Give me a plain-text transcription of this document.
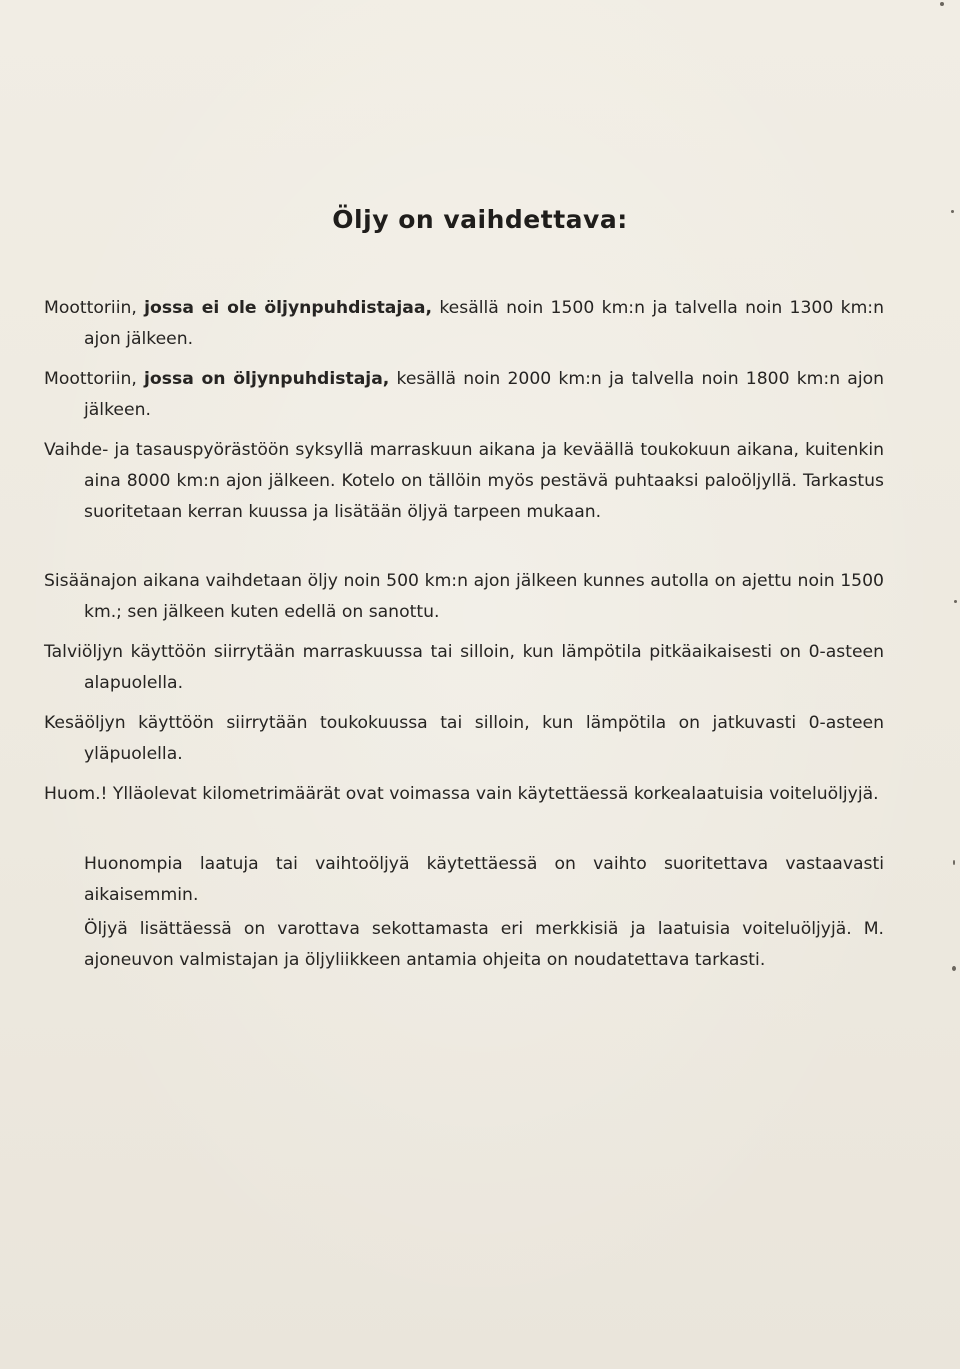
Öljy on vaihdettava:

Moottoriin, jossa ei ole öljynpuhdistajaa, kesällä noin 1500 km:n ja talvella noin 1300 km:n ajon jälkeen.

Moottoriin, jossa on öljynpuhdistaja, kesällä noin 2000 km:n ja talvella noin 1800 km:n ajon jälkeen.

Vaihde- ja tasauspyörästöön syksyllä marraskuun aikana ja keväällä toukokuun aikana, kuitenkin aina 8000 km:n ajon jälkeen. Kotelo on tällöin myös pestävä puhtaaksi paloöljyllä. Tarkastus suoritetaan kerran kuussa ja lisätään öljyä tarpeen mukaan.

Sisäänajon aikana vaihdetaan öljy noin 500 km:n ajon jälkeen kunnes autolla on ajettu noin 1500 km.; sen jälkeen kuten edellä on sanottu.

Talviöljyn käyttöön siirrytään marraskuussa tai silloin, kun lämpötila pitkäaikaisesti on 0-asteen alapuolella.

Kesäöljyn käyttöön siirrytään toukokuussa tai silloin, kun lämpötila on jatkuvasti 0-asteen yläpuolella.

Huom.! Ylläolevat kilometrimäärät ovat voimassa vain käytettäessä korkealaatuisia voiteluöljyjä.

Huonompia laatuja tai vaihtoöljyä käytettäessä on vaihto suoritettava vastaavasti aikaisemmin.

Öljyä lisättäessä on varottava sekottamasta eri merkkisiä ja laatuisia voiteluöljyjä. M. ajoneuvon valmistajan ja öljyliikkeen antamia ohjeita on noudatettava tarkasti.
